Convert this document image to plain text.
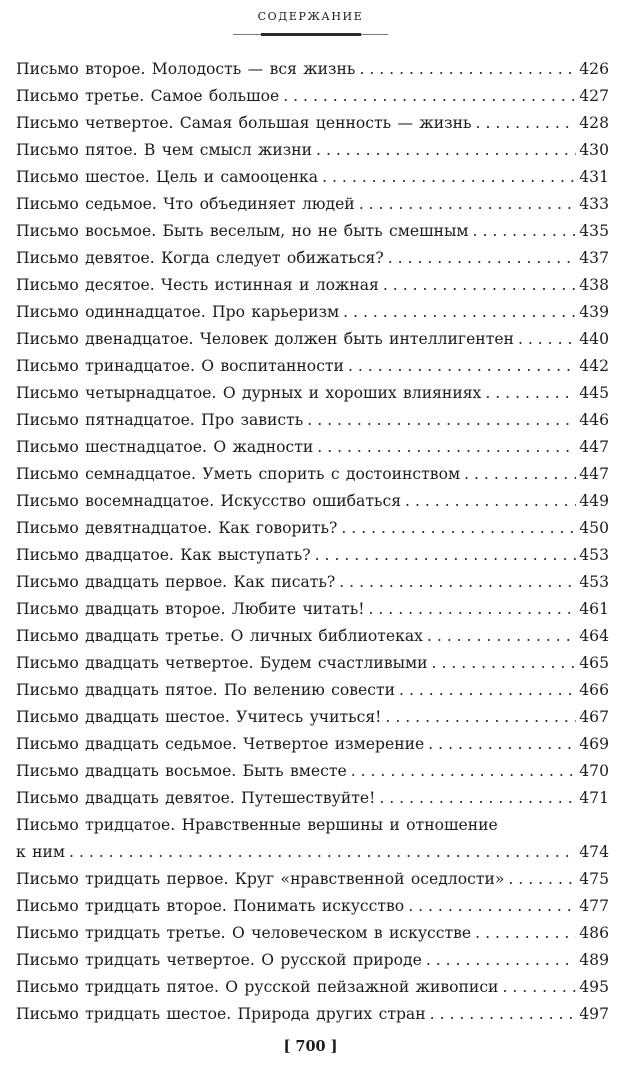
СОДЕРЖАНИЕ
Письмо второе. Молодость — вся жизнь . . .	426
Письмо третье. Самое большое . . .	427
Письмо четвертое. Самая большая ценность — жизнь . . .	428
Письмо пятое. В чем смысл жизни . . .	430
Письмо шестое. Цель и самооценка . . .	431
Письмо седьмое. Что объединяет людей . . .	433
Письмо восьмое. Быть веселым, но не быть смешным . . .	435
Письмо девятое. Когда следует обижаться? . . .	437
Письмо десятое. Честь истинная и ложная . . .	438
Письмо одиннадцатое. Про карьеризм . . .	439
Письмо двенадцатое. Человек должен быть интеллигентен . . .	440
Письмо тринадцатое. О воспитанности . . .	442
Письмо четырнадцатое. О дурных и хороших влияниях . . .	445
Письмо пятнадцатое. Про зависть . . .	446
Письмо шестнадцатое. О жадности . . .	447
Письмо семнадцатое. Уметь спорить с достоинством . . .	447
Письмо восемнадцатое. Искусство ошибаться . . .	449
Письмо девятнадцатое. Как говорить? . . .	450
Письмо двадцатое. Как выступать? . . .	453
Письмо двадцать первое. Как писать? . . .	453
Письмо двадцать второе. Любите читать! . . .	461
Письмо двадцать третье. О личных библиотеках . . .	464
Письмо двадцать четвертое. Будем счастливыми . . .	465
Письмо двадцать пятое. По велению совести . . .	466
Письмо двадцать шестое. Учитесь учиться! . . .	467
Письмо двадцать седьмое. Четвертое измерение . . .	469
Письмо двадцать восьмое. Быть вместе . . .	470
Письмо двадцать девятое. Путешествуйте! . . .	471
Письмо тридцатое. Нравственные вершины и отношение
к ним . . .	474
Письмо тридцать первое. Круг «нравственной оседлости» . . .	475
Письмо тридцать второе. Понимать искусство . . .	477
Письмо тридцать третье. О человеческом в искусстве . . .	486
Письмо тридцать четвертое. О русской природе . . .	489
Письмо тридцать пятое. О русской пейзажной живописи . . .	495
Письмо тридцать шестое. Природа других стран . . .	497
[ 700 ]
